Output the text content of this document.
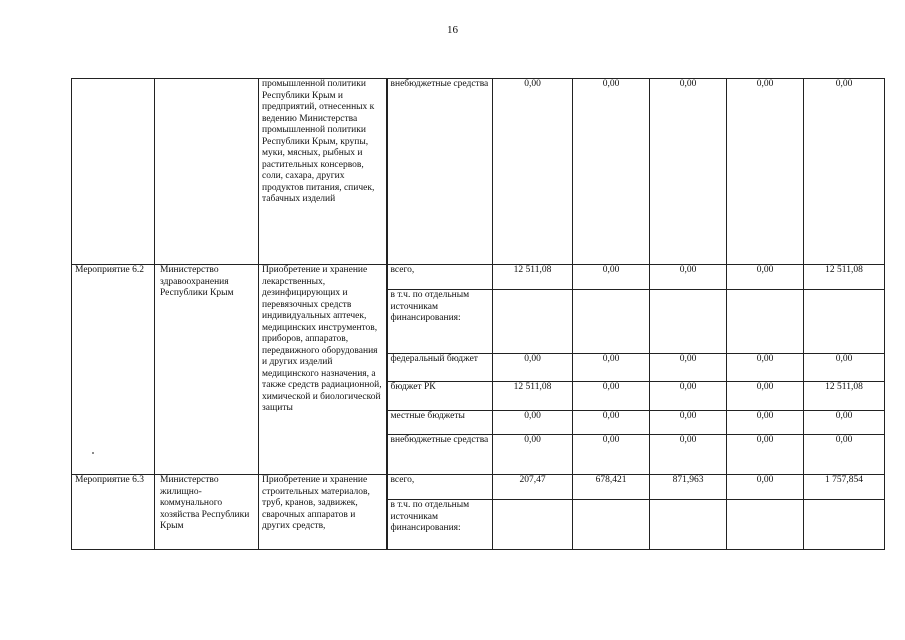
16
		промышленной политики Республики Крым и предприятий, отнесенных к ведению Министерства промышленной политики Республики Крым, крупы, муки, мясных, рыбных и растительных консервов, соли, сахара, других продуктов питания, спичек, табачных изделий	внебюджетные средства	0,00	0,00	0,00	0,00	0,00
Мероприятие 6.2	Министерство здравоохранения Республики Крым	Приобретение и хранение лекарственных, дезинфицирующих и перевязочных средств индивидуальных аптечек, медицинских инструментов, приборов, аппаратов, передвижного оборудования и других изделий медицинского назначения, а также средств радиационной, химической и биологической защиты	всего,	12 511,08	0,00	0,00	0,00	12 511,08
			в т.ч. по отдельным источникам финансирования:					
			федеральный бюджет	0,00	0,00	0,00	0,00	0,00
			бюджет РК	12 511,08	0,00	0,00	0,00	12 511,08
			местные бюджеты	0,00	0,00	0,00	0,00	0,00
			внебюджетные средства	0,00	0,00	0,00	0,00	0,00
Мероприятие 6.3	Министерство жилищно-коммунального хозяйства Республики Крым	Приобретение и хранение строительных материалов, труб, кранов, задвижек, сварочных аппаратов и других средств,	всего,	207,47	678,421	871,963	0,00	1 757,854
			в т.ч. по отдельным источникам финансирования:					
